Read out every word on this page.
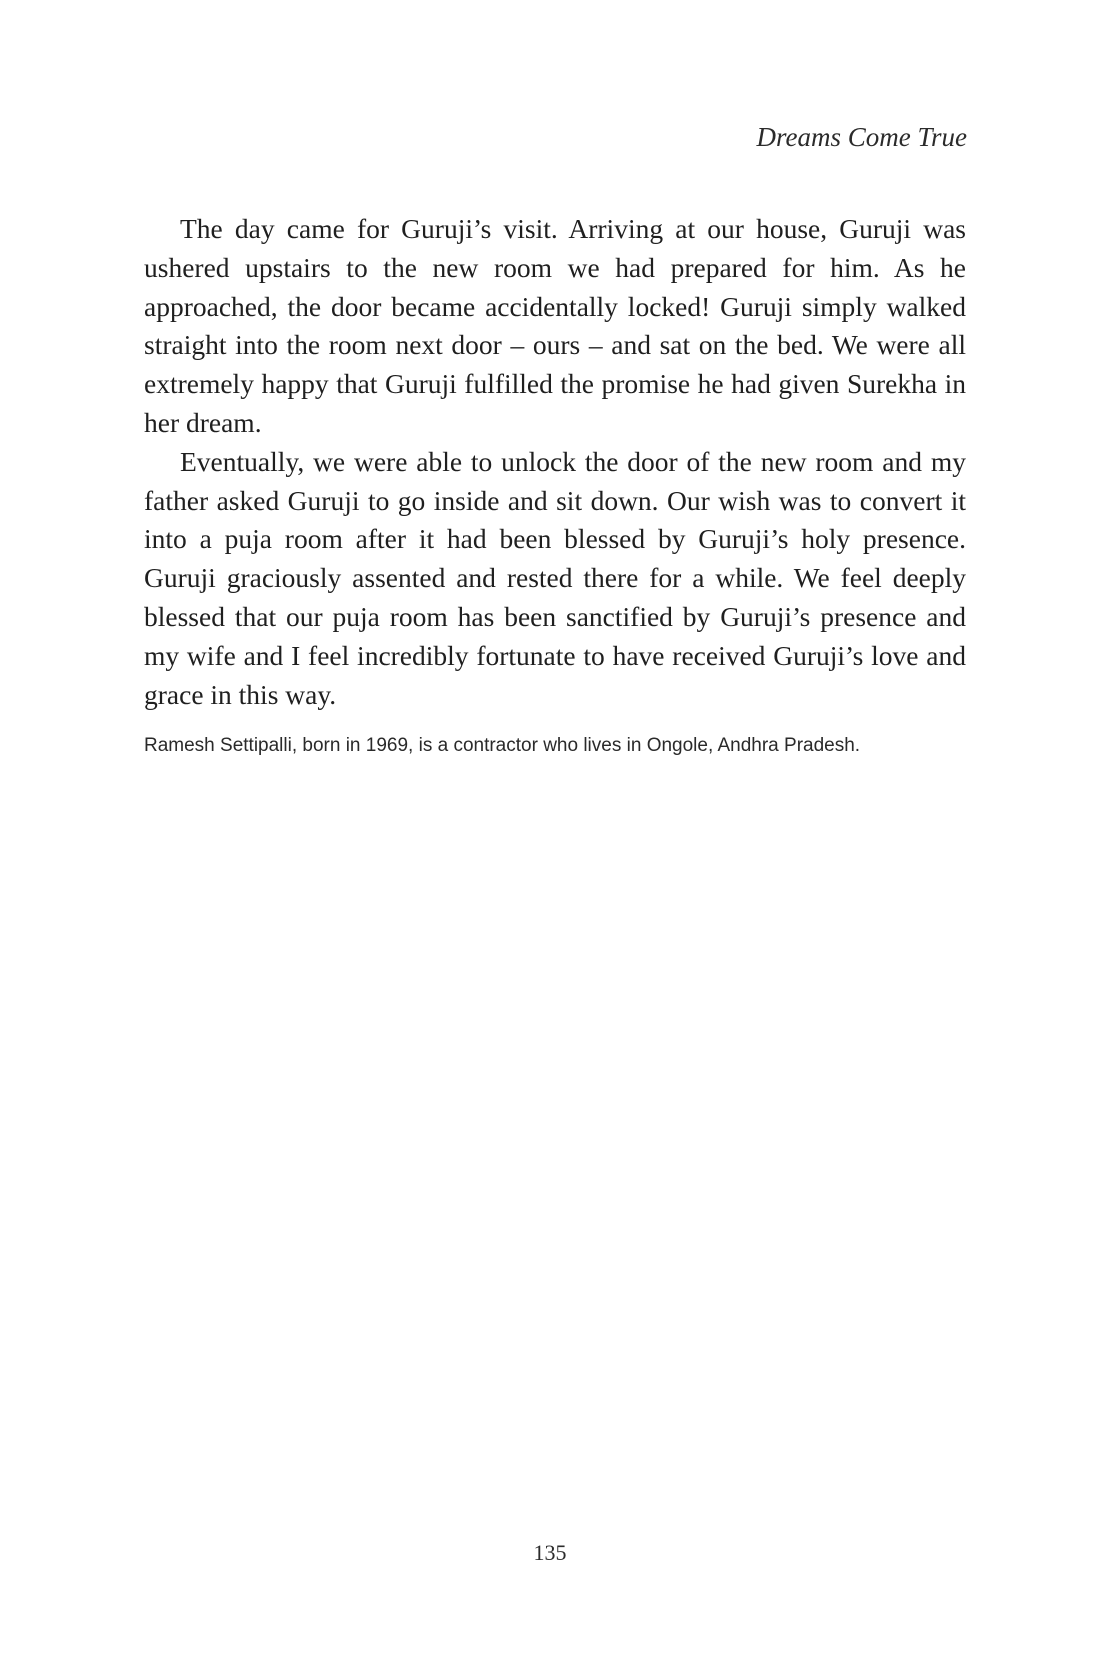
Dreams Come True

The day came for Guruji’s visit. Arriving at our house, Guruji was ushered upstairs to the new room we had prepared for him. As he approached, the door became accidentally locked! Guruji simply walked straight into the room next door – ours – and sat on the bed. We were all extremely happy that Guruji fulfilled the promise he had given Surekha in her dream.

Eventually, we were able to unlock the door of the new room and my father asked Guruji to go inside and sit down. Our wish was to convert it into a puja room after it had been blessed by Guruji’s holy presence. Guruji graciously assented and rested there for a while. We feel deeply blessed that our puja room has been sanctified by Guruji’s presence and my wife and I feel incredibly fortunate to have received Guruji’s love and grace in this way.

Ramesh Settipalli, born in 1969, is a contractor who lives in Ongole, Andhra Pradesh.
135
